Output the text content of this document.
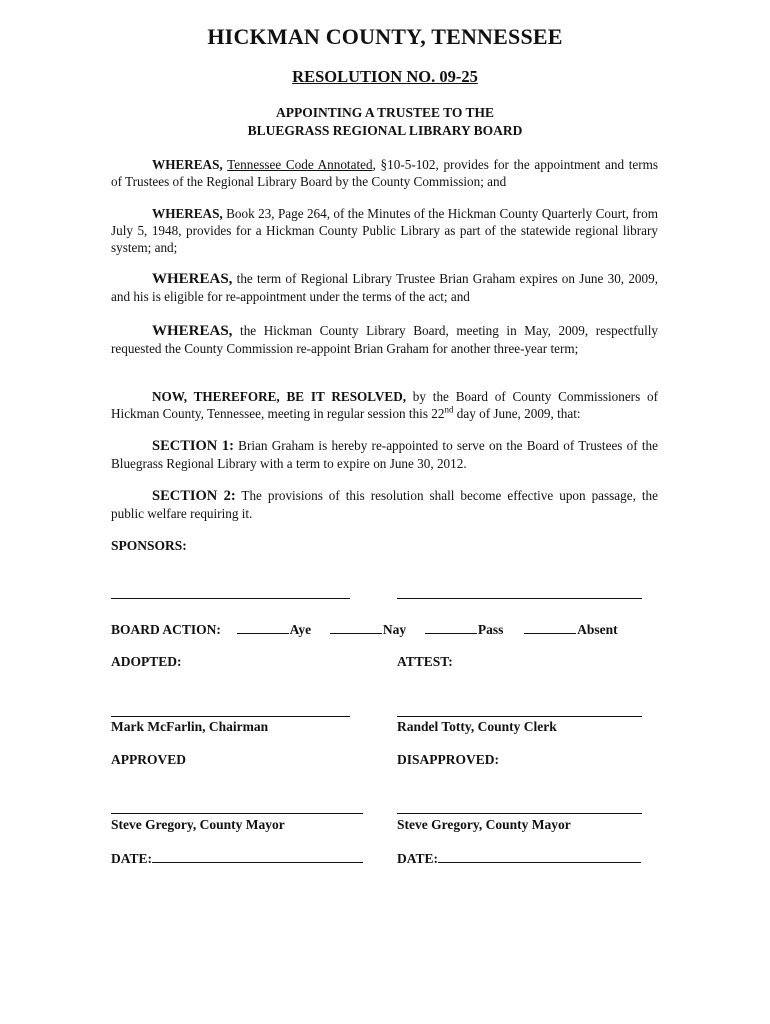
HICKMAN COUNTY, TENNESSEE
RESOLUTION NO. 09-25
APPOINTING A TRUSTEE TO THE
BLUEGRASS REGIONAL LIBRARY BOARD

WHEREAS, Tennessee Code Annotated, §10-5-102, provides for the appointment and terms of Trustees of the Regional Library Board by the County Commission; and

WHEREAS, Book 23, Page 264, of the Minutes of the Hickman County Quarterly Court, from July 5, 1948, provides for a Hickman County Public Library as part of the statewide regional library system; and;

WHEREAS, the term of Regional Library Trustee Brian Graham expires on June 30, 2009, and his is eligible for re-appointment under the terms of the act; and

WHEREAS, the Hickman County Library Board, meeting in May, 2009, respectfully requested the County Commission re-appoint Brian Graham for another three-year term;

NOW, THEREFORE, BE IT RESOLVED, by the Board of County Commissioners of Hickman County, Tennessee, meeting in regular session this 22nd day of June, 2009, that:

SECTION 1: Brian Graham is hereby re-appointed to serve on the Board of Trustees of the Bluegrass Regional Library with a term to expire on June 30, 2012.

SECTION 2: The provisions of this resolution shall become effective upon passage, the public welfare requiring it.

SPONSORS:
BOARD ACTION:	Aye	Nay	Pass	Absent
ADOPTED:	ATTEST:
Mark McFarlin, Chairman	Randel Totty, County Clerk
APPROVED	DISAPPROVED:
Steve Gregory, County Mayor	Steve Gregory, County Mayor
DATE:	DATE:
